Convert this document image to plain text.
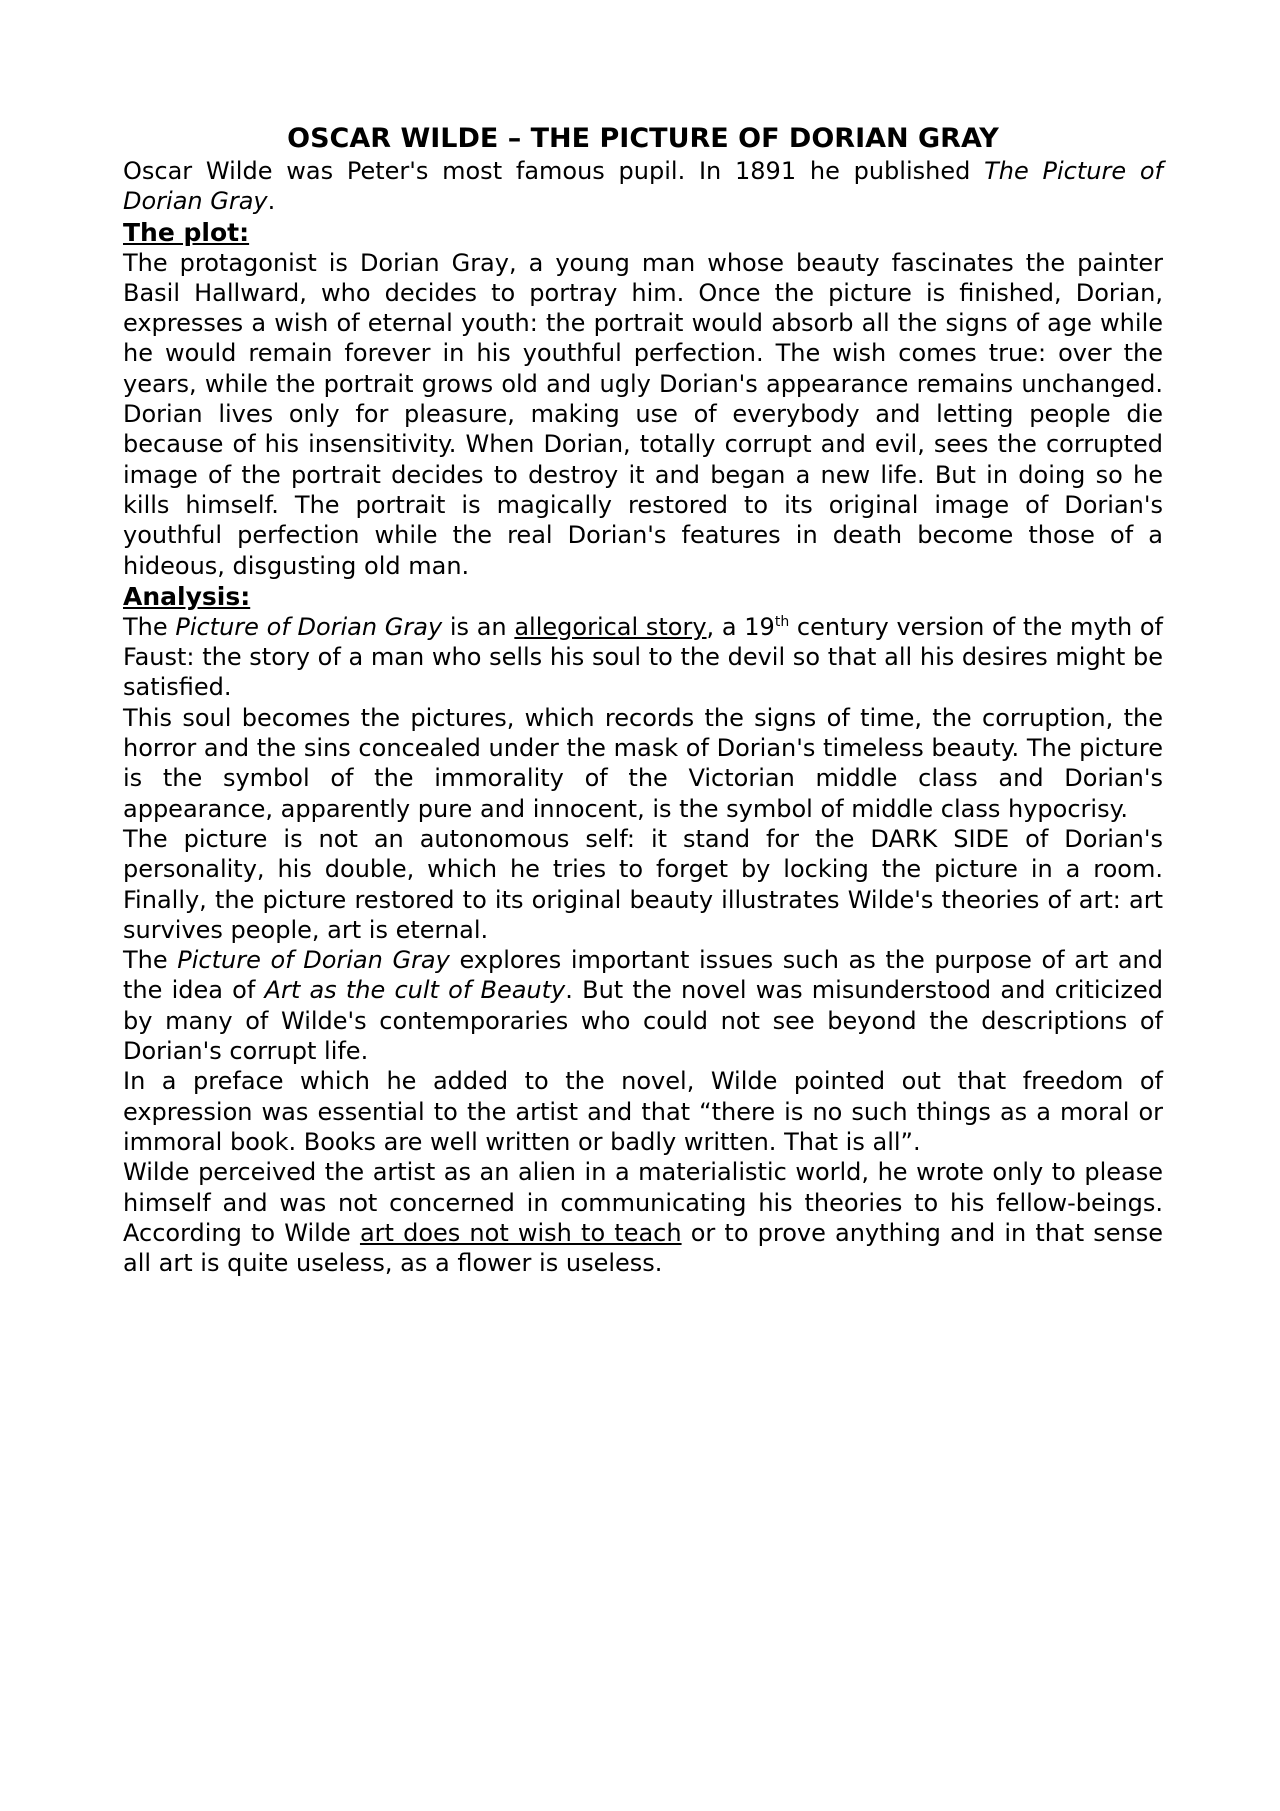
OSCAR WILDE – THE PICTURE OF DORIAN GRAY

Oscar Wilde was Peter's most famous pupil. In 1891 he published The Picture of Dorian Gray.

The plot:

The protagonist is Dorian Gray, a young man whose beauty fascinates the painter Basil Hallward, who decides to portray him. Once the picture is finished, Dorian, expresses a wish of eternal youth: the portrait would absorb all the signs of age while he would remain forever in his youthful perfection. The wish comes true: over the years, while the portrait grows old and ugly Dorian's appearance remains unchanged. Dorian lives only for pleasure, making use of everybody and letting people die because of his insensitivity. When Dorian, totally corrupt and evil, sees the corrupted image of the portrait decides to destroy it and began a new life. But in doing so he kills himself. The portrait is magically restored to its original image of Dorian's youthful perfection while the real Dorian's features in death become those of a hideous, disgusting old man.

Analysis:

The Picture of Dorian Gray is an allegorical story, a 19th century version of the myth of Faust: the story of a man who sells his soul to the devil so that all his desires might be satisfied.

This soul becomes the pictures, which records the signs of time, the corruption, the horror and the sins concealed under the mask of Dorian's timeless beauty. The picture is the symbol of the immorality of the Victorian middle class and Dorian's appearance, apparently pure and innocent, is the symbol of middle class hypocrisy.

The picture is not an autonomous self: it stand for the DARK SIDE of Dorian's personality, his double, which he tries to forget by locking the picture in a room. Finally, the picture restored to its original beauty illustrates Wilde's theories of art: art survives people, art is eternal.

The Picture of Dorian Gray explores important issues such as the purpose of art and the idea of Art as the cult of Beauty. But the novel was misunderstood and criticized by many of Wilde's contemporaries who could not see beyond the descriptions of Dorian's corrupt life.

In a preface which he added to the novel, Wilde pointed out that freedom of expression was essential to the artist and that “there is no such things as a moral or immoral book. Books are well written or badly written. That is all”.

Wilde perceived the artist as an alien in a materialistic world, he wrote only to please himself and was not concerned in communicating his theories to his fellow-beings. According to Wilde art does not wish to teach or to prove anything and in that sense all art is quite useless, as a flower is useless.
